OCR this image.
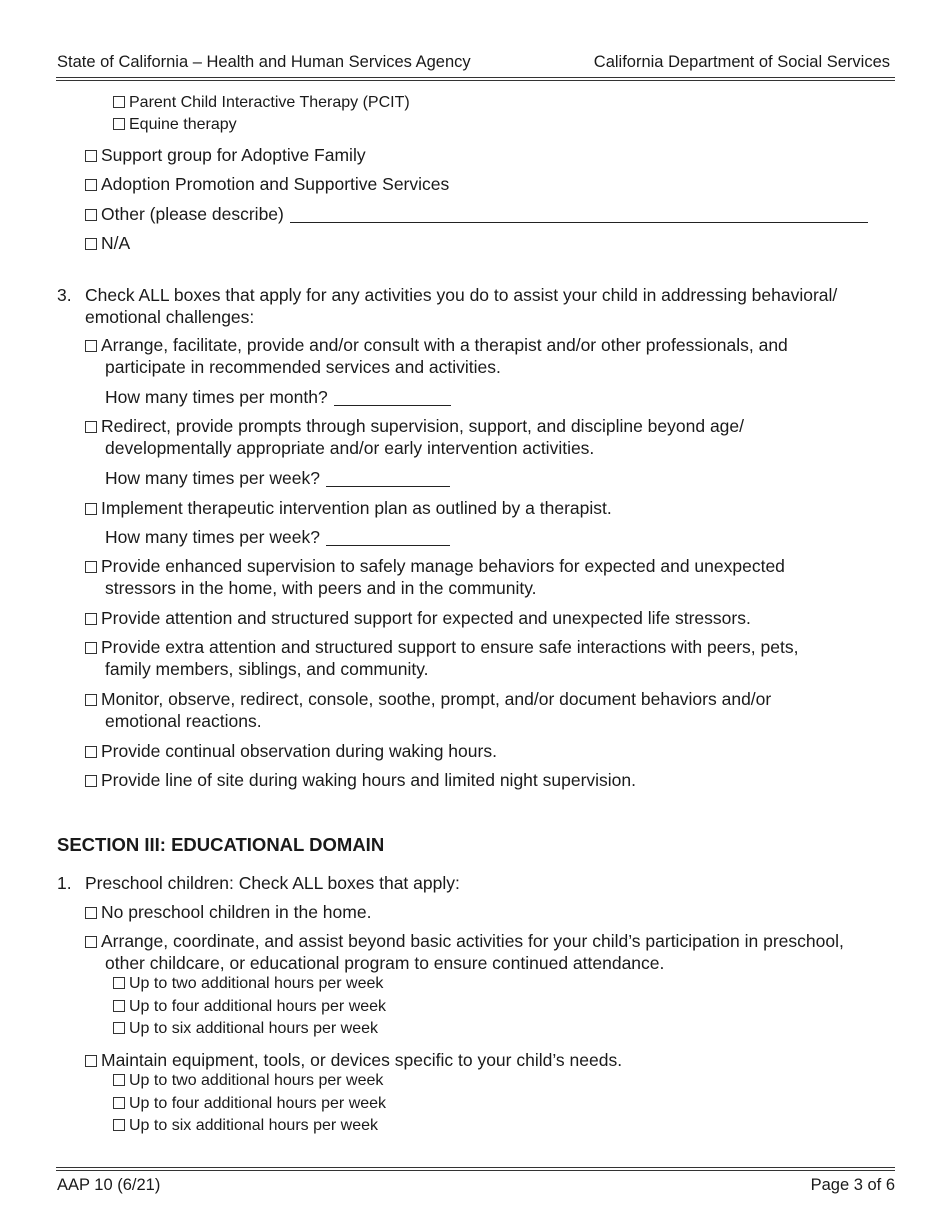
State of California – Health and Human Services Agency	California Department of Social Services
Parent Child Interactive Therapy (PCIT)
Equine therapy
Support group for Adoptive Family
Adoption Promotion and Supportive Services
Other (please describe)
N/A
3. Check ALL boxes that apply for any activities you do to assist your child in addressing behavioral/
emotional challenges:
Arrange, facilitate, provide and/or consult with a therapist and/or other professionals, and
participate in recommended services and activities.
How many times per month?
Redirect, provide prompts through supervision, support, and discipline beyond age/
developmentally appropriate and/or early intervention activities.
How many times per week?
Implement therapeutic intervention plan as outlined by a therapist.
How many times per week?
Provide enhanced supervision to safely manage behaviors for expected and unexpected
stressors in the home, with peers and in the community.
Provide attention and structured support for expected and unexpected life stressors.
Provide extra attention and structured support to ensure safe interactions with peers, pets,
family members, siblings, and community.
Monitor, observe, redirect, console, soothe, prompt, and/or document behaviors and/or
emotional reactions.
Provide continual observation during waking hours.
Provide line of site during waking hours and limited night supervision.
SECTION III: EDUCATIONAL DOMAIN
1. Preschool children: Check ALL boxes that apply:
No preschool children in the home.
Arrange, coordinate, and assist beyond basic activities for your child’s participation in preschool,
other childcare, or educational program to ensure continued attendance.
Up to two additional hours per week
Up to four additional hours per week
Up to six additional hours per week
Maintain equipment, tools, or devices specific to your child’s needs.
Up to two additional hours per week
Up to four additional hours per week
Up to six additional hours per week
AAP 10 (6/21)	Page 3 of 6
